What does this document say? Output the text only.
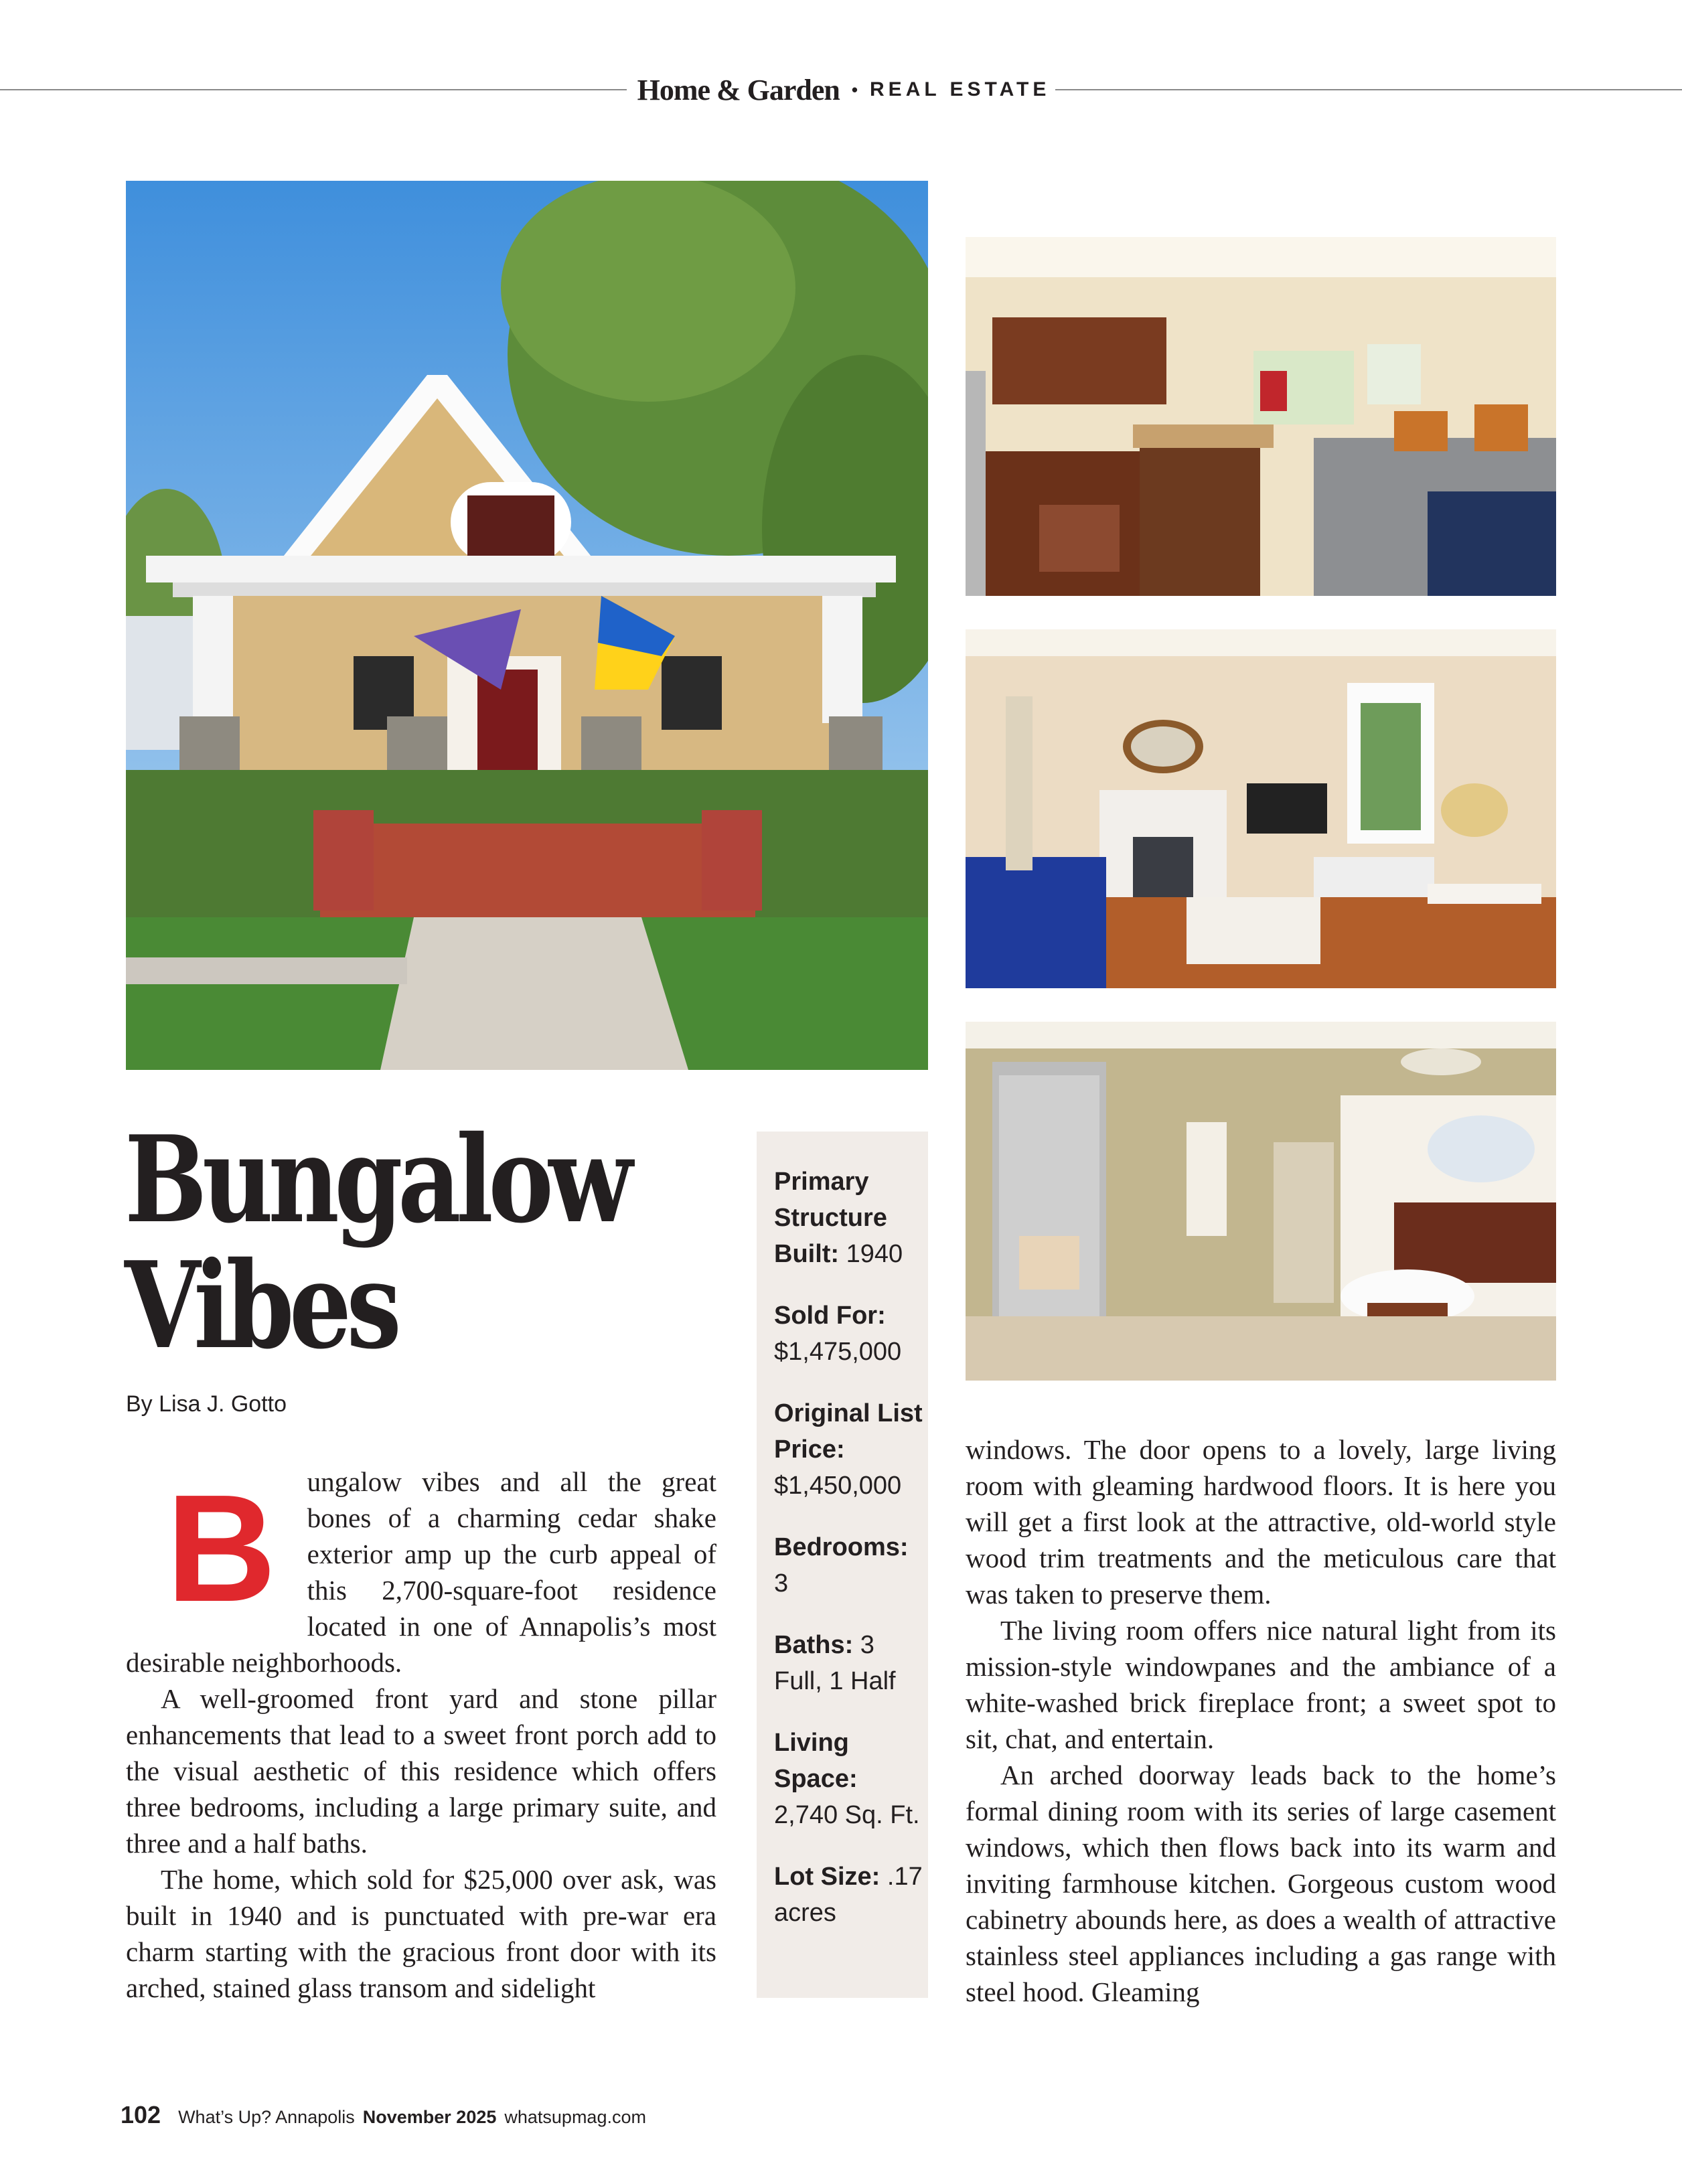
Home & Garden • REAL ESTATE
Bungalow
Vibes
By Lisa J. Gotto

B ungalow vibes and all the great bones of a charming cedar shake exterior amp up the curb appeal of this 2,700-square-foot residence located in one of Annapolis’s most desirable neighborhoods.

A well-groomed front yard and stone pillar enhancements that lead to a sweet front porch add to the visual aesthetic of this residence which offers three bedrooms, including a large primary suite, and three and a half baths.

The home, which sold for $25,000 over ask, was built in 1940 and is punctuated with pre-war era charm starting with the gracious front door with its arched, stained glass transom and sidelight

Primary Structure Built: 1940
Sold For: $1,475,000
Original List Price: $1,450,000
Bedrooms: 3
Baths: 3 Full, 1 Half
Living Space: 2,740 Sq. Ft.
Lot Size: .17 acres

windows. The door opens to a lovely, large living room with gleaming hardwood floors. It is here you will get a first look at the attractive, old-world style wood trim treatments and the meticulous care that was taken to preserve them.

The living room offers nice natural light from its mission-style windowpanes and the ambiance of a white-washed brick fireplace front; a sweet spot to sit, chat, and entertain.

An arched doorway leads back to the home’s formal dining room with its series of large casement windows, which then flows back into its warm and inviting farmhouse kitchen. Gorgeous custom wood cabinetry abounds here, as does a wealth of attractive stainless steel appliances including a gas range with steel hood. Gleaming

102 What’s Up? Annapolis November 2025 whatsupmag.com
